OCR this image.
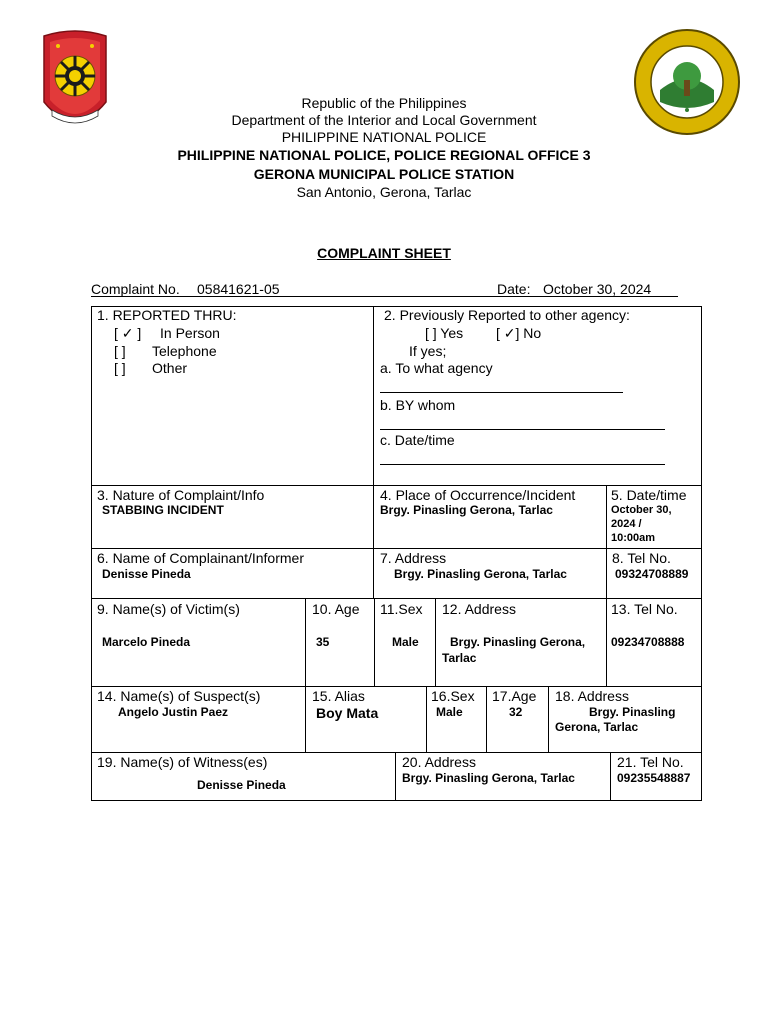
Republic of the Philippines
Department of the Interior and Local Government
PHILIPPINE NATIONAL POLICE
PHILIPPINE NATIONAL POLICE, POLICE REGIONAL OFFICE 3
GERONA MUNICIPAL POLICE STATION
San Antonio, Gerona, Tarlac
COMPLAINT SHEET
Complaint No. 05841621-05	Date: October 30, 2024
1. REPORTED THRU:
[ ✓ ] In Person
[ ] Telephone
[ ] Other
2. Previously Reported to other agency:
[ ] Yes [ ✓] No
If yes;
a. To what agency
b. BY whom
c. Date/time
3. Nature of Complaint/Info
STABBING INCIDENT
4. Place of Occurrence/Incident
Brgy. Pinasling Gerona, Tarlac
5. Date/time
October 30,
2024 /
10:00am
6. Name of Complainant/Informer
Denisse Pineda
7. Address
Brgy. Pinasling Gerona, Tarlac
8. Tel No.
09324708889
9. Name(s) of Victim(s)
Marcelo Pineda
10. Age
35
11.Sex
Male
12. Address
Brgy. Pinasling Gerona,
Tarlac
13. Tel No.
09234708888
14. Name(s) of Suspect(s)
Angelo Justin Paez
15. Alias
Boy Mata
16.Sex
Male
17.Age
32
18. Address
Brgy. Pinasling
Gerona, Tarlac
19. Name(s) of Witness(es)
Denisse Pineda
20. Address
Brgy. Pinasling Gerona, Tarlac
21. Tel No.
09235548887
